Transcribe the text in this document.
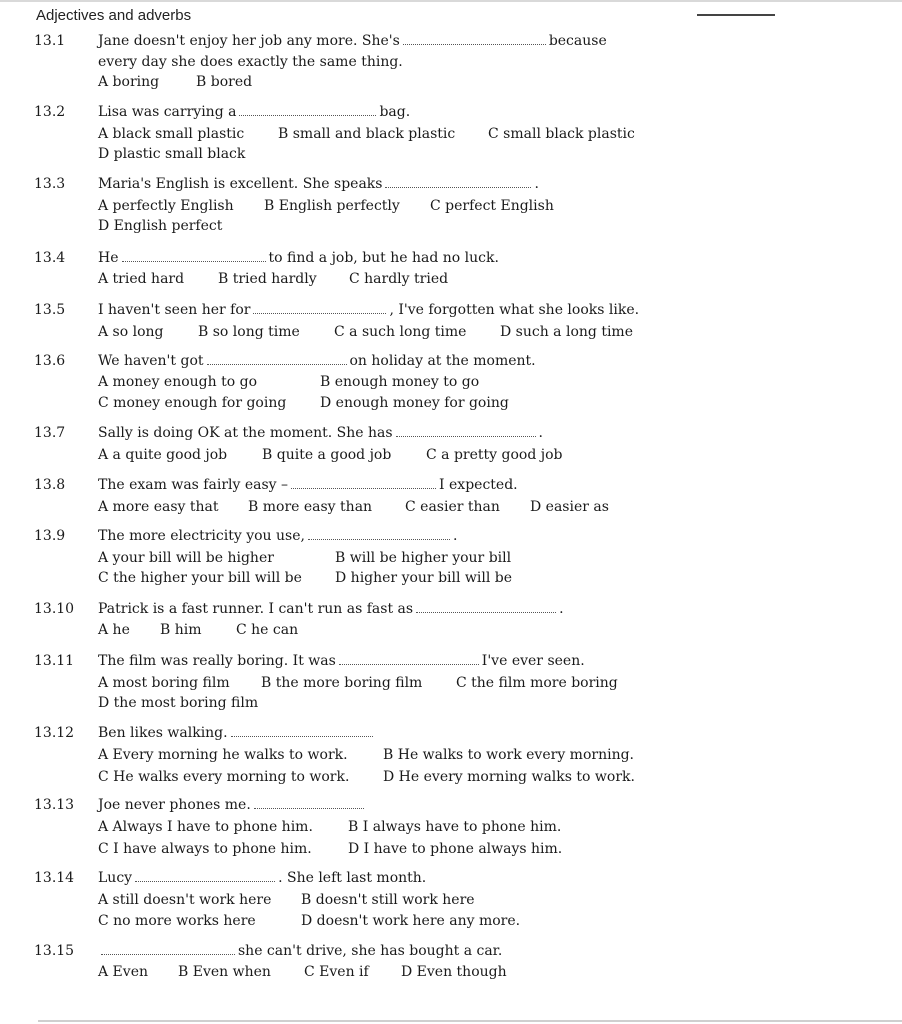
Adjectives and adverbs
13.1	Jane doesn't enjoy her job any more. She's	because
every day she does exactly the same thing.
A boring	B bored
13.2	Lisa was carrying a	bag.
A black small plastic B small and black plastic C small black plastic
D plastic small black
13.3	Maria's English is excellent. She speaks	.
A perfectly English B English perfectly C perfect English
D English perfect
13.4	He	to find a job, but he had no luck.
A tried hard B tried hardly C hardly tried
13.5	I haven't seen her for	, I've forgotten what she looks like.
A so long B so long time C a such long time D such a long time
13.6	We haven't got	on holiday at the moment.
A money enough to go	B enough money to go
C money enough for going D enough money for going
13.7	Sally is doing OK at the moment. She has	.
A a quite good job B quite a good job C a pretty good job
13.8	The exam was fairly easy –	I expected.
A more easy that B more easy than C easier than D easier as
13.9	The more electricity you use,	.
A your bill will be higher	B will be higher your bill
C the higher your bill will be D higher your bill will be
13.10	Patrick is a fast runner. I can't run as fast as	.
A he B him C he can
13.11	The film was really boring. It was	I've ever seen.
A most boring film B the more boring film C the film more boring
D the most boring film
13.12	Ben likes walking.
A Every morning he walks to work.	B He walks to work every morning.
C He walks every morning to work. D He every morning walks to work.
13.13	Joe never phones me.
A Always I have to phone him.	B I always have to phone him.
C I have always to phone him.	D I have to phone always him.
13.14	Lucy	. She left last month.
A still doesn't work here B doesn't still work here
C no more works here	D doesn't work here any more.
13.15	she can't drive, she has bought a car.
A Even B Even when C Even if D Even though
